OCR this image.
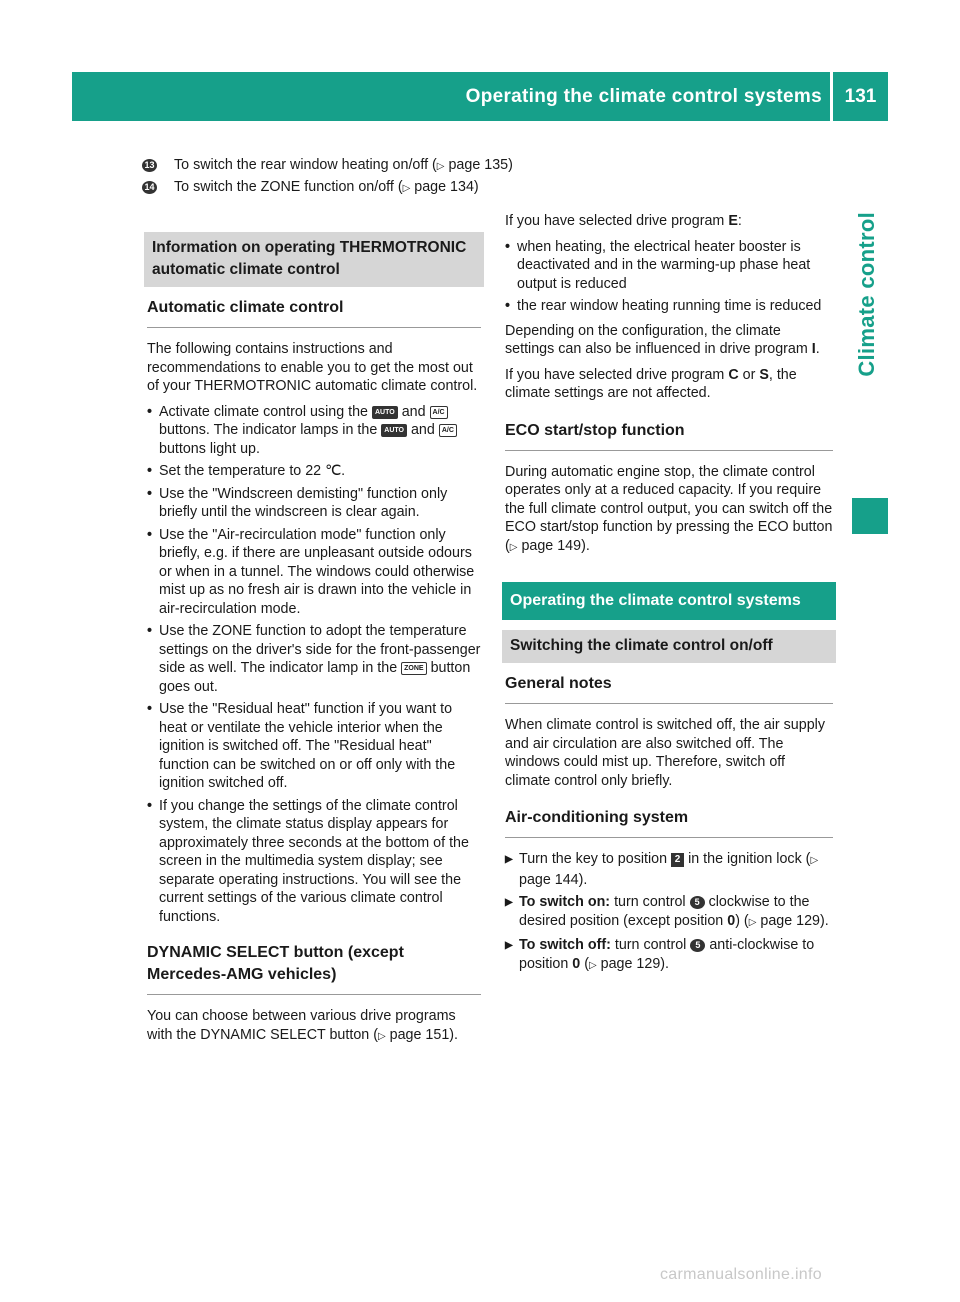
Operating the climate control systems	131
Climate control
13	To switch the rear window heating on/off (▷ page 135)
14	To switch the ZONE function on/off (▷ page 134)
Information on operating THERMOTRONIC automatic climate control
Automatic climate control

The following contains instructions and recommendations to enable you to get the most out of your THERMOTRONIC automatic climate control.

• Activate climate control using the AUTO and A/C buttons. The indicator lamps in the AUTO and A/C buttons light up.
• Set the temperature to 22 ℃.
• Use the "Windscreen demisting" function only briefly until the windscreen is clear again.
• Use the "Air-recirculation mode" function only briefly, e.g. if there are unpleasant outside odours or when in a tunnel. The windows could otherwise mist up as no fresh air is drawn into the vehicle in air-recirculation mode.
• Use the ZONE function to adopt the temperature settings on the driver's side for the front-passenger side as well. The indicator lamp in the ZONE button goes out.
• Use the "Residual heat" function if you want to heat or ventilate the vehicle interior when the ignition is switched off. The "Residual heat" function can be switched on or off only with the ignition switched off.
• If you change the settings of the climate control system, the climate status display appears for approximately three seconds at the bottom of the screen in the multimedia system display; see separate operating instructions. You will see the current settings of the various climate control functions.
DYNAMIC SELECT button (except Mercedes-AMG vehicles)

You can choose between various drive programs with the DYNAMIC SELECT button (▷ page 151).

If you have selected drive program E:

• when heating, the electrical heater booster is deactivated and in the warming-up phase heat output is reduced
• the rear window heating running time is reduced

Depending on the configuration, the climate settings can also be influenced in drive program I.

If you have selected drive program C or S, the climate settings are not affected.

ECO start/stop function

During automatic engine stop, the climate control operates only at a reduced capacity. If you require the full climate control output, you can switch off the ECO start/stop function by pressing the ECO button (▷ page 149).

Operating the climate control systems
Switching the climate control on/off
General notes

When climate control is switched off, the air supply and air circulation are also switched off. The windows could mist up. Therefore, switch off climate control only briefly.

Air-conditioning system
▶ Turn the key to position 2 in the ignition lock (▷ page 144).
▶ To switch on: turn control 5 clockwise to the desired position (except position 0) (▷ page 129).
▶ To switch off: turn control 5 anti-clockwise to position 0 (▷ page 129).
carmanualsonline.info
